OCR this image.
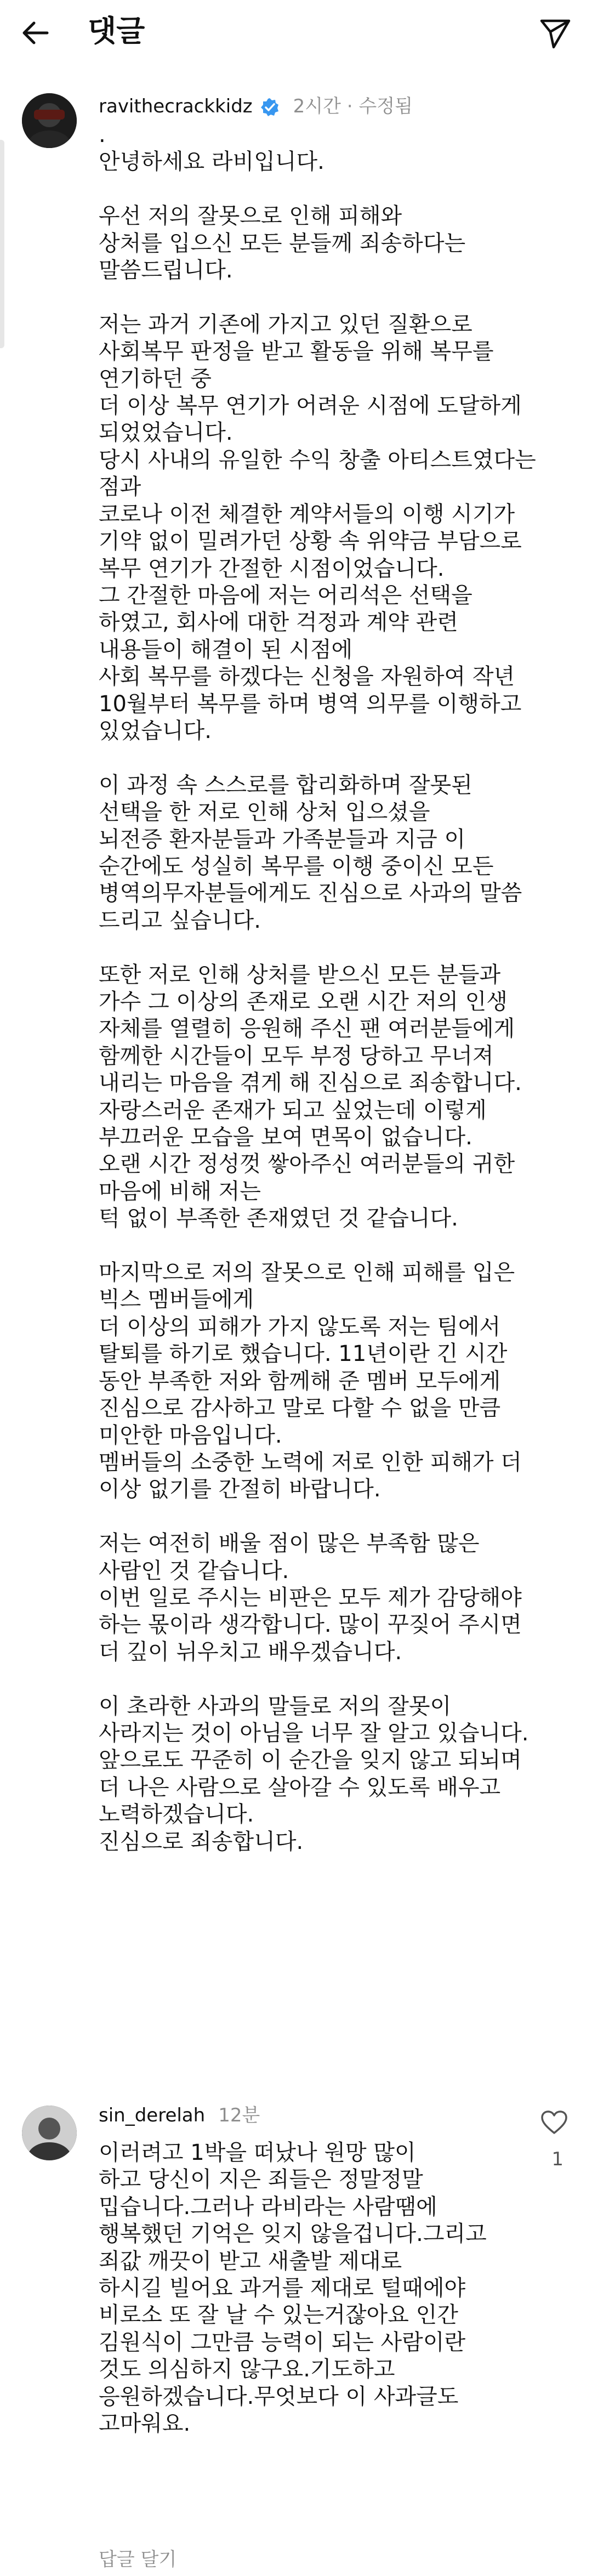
댓글
ravithecrackkidz 2시간 · 수정됨
.
안녕하세요 라비입니다.

우선 저의 잘못으로 인해 피해와
상처를 입으신 모든 분들께 죄송하다는
말씀드립니다.

저는 과거 기존에 가지고 있던 질환으로
사회복무 판정을 받고 활동을 위해 복무를
연기하던 중
더 이상 복무 연기가 어려운 시점에 도달하게
되었었습니다.
당시 사내의 유일한 수익 창출 아티스트였다는
점과
코로나 이전 체결한 계약서들의 이행 시기가
기약 없이 밀려가던 상황 속 위약금 부담으로
복무 연기가 간절한 시점이었습니다.
그 간절한 마음에 저는 어리석은 선택을
하였고, 회사에 대한 걱정과 계약 관련
내용들이 해결이 된 시점에
사회 복무를 하겠다는 신청을 자원하여 작년
10월부터 복무를 하며 병역 의무를 이행하고
있었습니다.

이 과정 속 스스로를 합리화하며 잘못된
선택을 한 저로 인해 상처 입으셨을
뇌전증 환자분들과 가족분들과 지금 이
순간에도 성실히 복무를 이행 중이신 모든
병역의무자분들에게도 진심으로 사과의 말씀
드리고 싶습니다.

또한 저로 인해 상처를 받으신 모든 분들과
가수 그 이상의 존재로 오랜 시간 저의 인생
자체를 열렬히 응원해 주신 팬 여러분들에게
함께한 시간들이 모두 부정 당하고 무너져
내리는 마음을 겪게 해 진심으로 죄송합니다.
자랑스러운 존재가 되고 싶었는데 이렇게
부끄러운 모습을 보여 면목이 없습니다.
오랜 시간 정성껏 쌓아주신 여러분들의 귀한
마음에 비해 저는
턱 없이 부족한 존재였던 것 같습니다.

마지막으로 저의 잘못으로 인해 피해를 입은
빅스 멤버들에게
더 이상의 피해가 가지 않도록 저는 팀에서
탈퇴를 하기로 했습니다. 11년이란 긴 시간
동안 부족한 저와 함께해 준 멤버 모두에게
진심으로 감사하고 말로 다할 수 없을 만큼
미안한 마음입니다.
멤버들의 소중한 노력에 저로 인한 피해가 더
이상 없기를 간절히 바랍니다.

저는 여전히 배울 점이 많은 부족함 많은
사람인 것 같습니다.
이번 일로 주시는 비판은 모두 제가 감당해야
하는 몫이라 생각합니다. 많이 꾸짖어 주시면
더 깊이 뉘우치고 배우겠습니다.

이 초라한 사과의 말들로 저의 잘못이
사라지는 것이 아님을 너무 잘 알고 있습니다.
앞으로도 꾸준히 이 순간을 잊지 않고 되뇌며
더 나은 사람으로 살아갈 수 있도록 배우고
노력하겠습니다.
진심으로 죄송합니다.
sin_derelah 12분
이러려고 1박을 떠났나 원망 많이
하고 당신이 지은 죄들은 정말정말
밉습니다.그러나 라비라는 사람땜에
행복했던 기억은 잊지 않을겁니다.그리고
죄값 깨끗이 받고 새출발 제대로
하시길 빌어요 과거를 제대로 털때에야
비로소 또 잘 날 수 있는거잖아요 인간
김원식이 그만큼 능력이 되는 사람이란
것도 의심하지 않구요.기도하고
응원하겠습니다.무엇보다 이 사과글도
고마워요.
1
답글 달기
